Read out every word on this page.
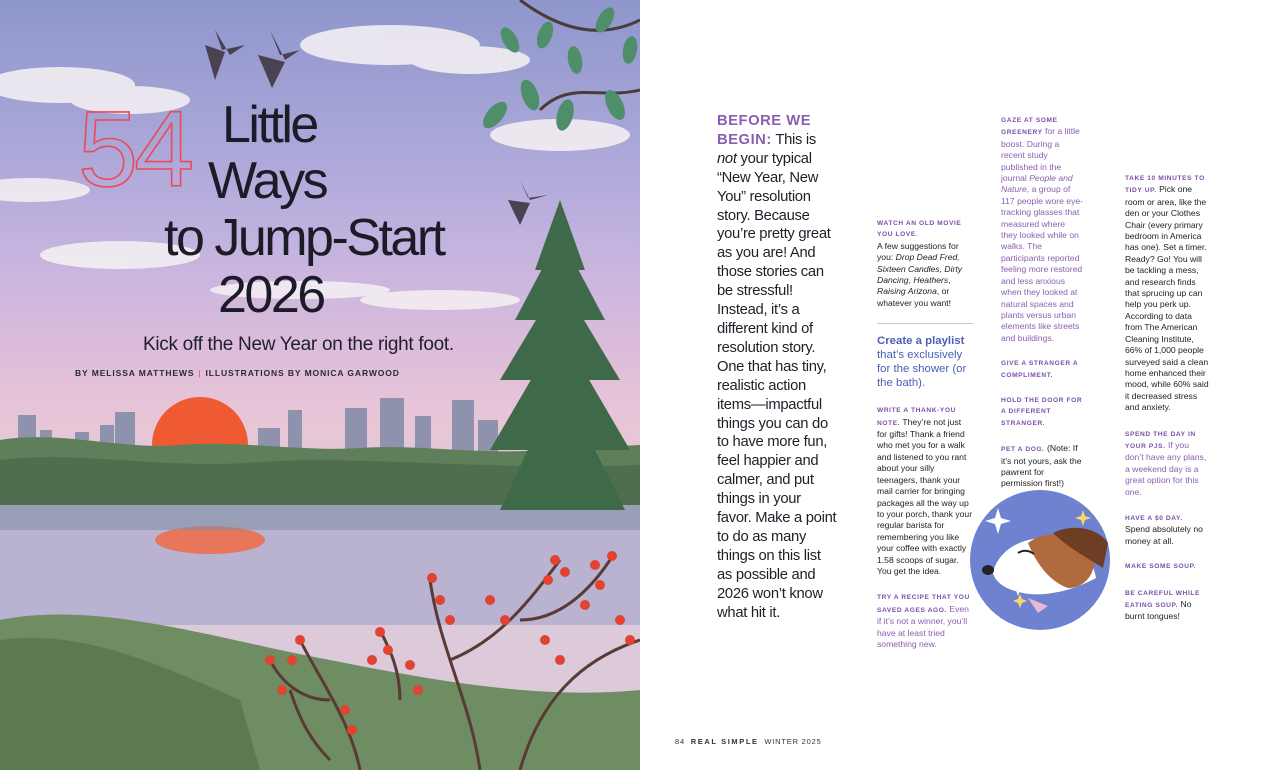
54 Little
Ways
to Jump-Start
2026
Kick off the New Year on the right foot.
BY MELISSA MATTHEWS | ILLUSTRATIONS BY MONICA GARWOOD
BEFORE WE BEGIN: This is not your typical “New Year, New You” resolution story. Because you’re pretty great as you are! And those stories can be stressful! Instead, it’s a different kind of resolution story. One that has tiny, realistic action items—impactful things you can do to have more fun, feel happier and calmer, and put things in your favor. Make a point to do as many things on this list as possible and 2026 won’t know what hit it.
WATCH AN OLD MOVIE YOU LOVE.
A few suggestions for you: Drop Dead Fred, Sixteen Candles, Dirty Dancing, Heathers, Raising Arizona, or whatever you want!
Create a playlist
that’s exclusively for the shower (or the bath).
WRITE A THANK-YOU NOTE. They’re not just for gifts! Thank a friend who met you for a walk and listened to you rant about your silly teenagers, thank your mail carrier for bringing packages all the way up to your porch, thank your regular barista for remembering you like your coffee with exactly 1.58 scoops of sugar. You get the idea.
TRY A RECIPE THAT YOU SAVED AGES AGO. Even if it’s not a winner, you’ll have at least tried something new.
GAZE AT SOME GREENERY for a little boost. During a recent study published in the journal People and Nature, a group of 117 people wore eye-tracking glasses that measured where they looked while on walks. The participants reported feeling more restored and less anxious when they looked at natural spaces and plants versus urban elements like streets and buildings.
GIVE A STRANGER A COMPLIMENT.
HOLD THE DOOR FOR A DIFFERENT STRANGER.
PET A DOG. (Note: If it’s not yours, ask the pawrent for permission first!)
TAKE 10 MINUTES TO TIDY UP. Pick one room or area, like the den or your Clothes Chair (every primary bedroom in America has one). Set a timer. Ready? Go! You will be tackling a mess, and research finds that sprucing up can help you perk up. According to data from The American Cleaning Institute, 66% of 1,000 people surveyed said a clean home enhanced their mood, while 60% said it decreased stress and anxiety.
SPEND THE DAY IN YOUR PJS. If you don’t have any plans, a weekend day is a great option for this one.
HAVE A $0 DAY. Spend absolutely no money at all.
MAKE SOME SOUP.
BE CAREFUL WHILE EATING SOUP. No burnt tongues!
84 REAL SIMPLE WINTER 2025
